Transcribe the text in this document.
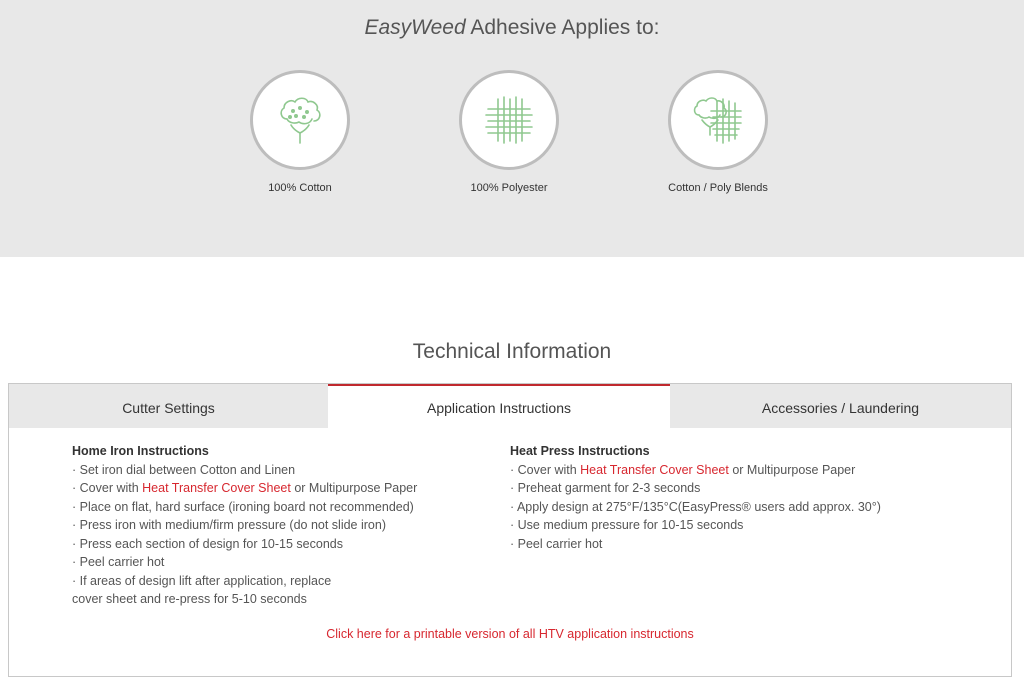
EasyWeed Adhesive Applies to:
100% Cotton	100% Polyester	Cotton / Poly Blends
Technical Information
Cutter Settings	Application Instructions	Accessories / Laundering
Home Iron Instructions
· Set iron dial between Cotton and Linen
· Cover with Heat Transfer Cover Sheet or Multipurpose Paper
· Place on flat, hard surface (ironing board not recommended)
· Press iron with medium/firm pressure (do not slide iron)
· Press each section of design for 10-15 seconds
· Peel carrier hot
· If areas of design lift after application, replace
cover sheet and re-press for 5-10 seconds
Heat Press Instructions
· Cover with Heat Transfer Cover Sheet or Multipurpose Paper
· Preheat garment for 2-3 seconds
· Apply design at 275°F/135°C(EasyPress® users add approx. 30°)
· Use medium pressure for 10-15 seconds
· Peel carrier hot
Click here for a printable version of all HTV application instructions
